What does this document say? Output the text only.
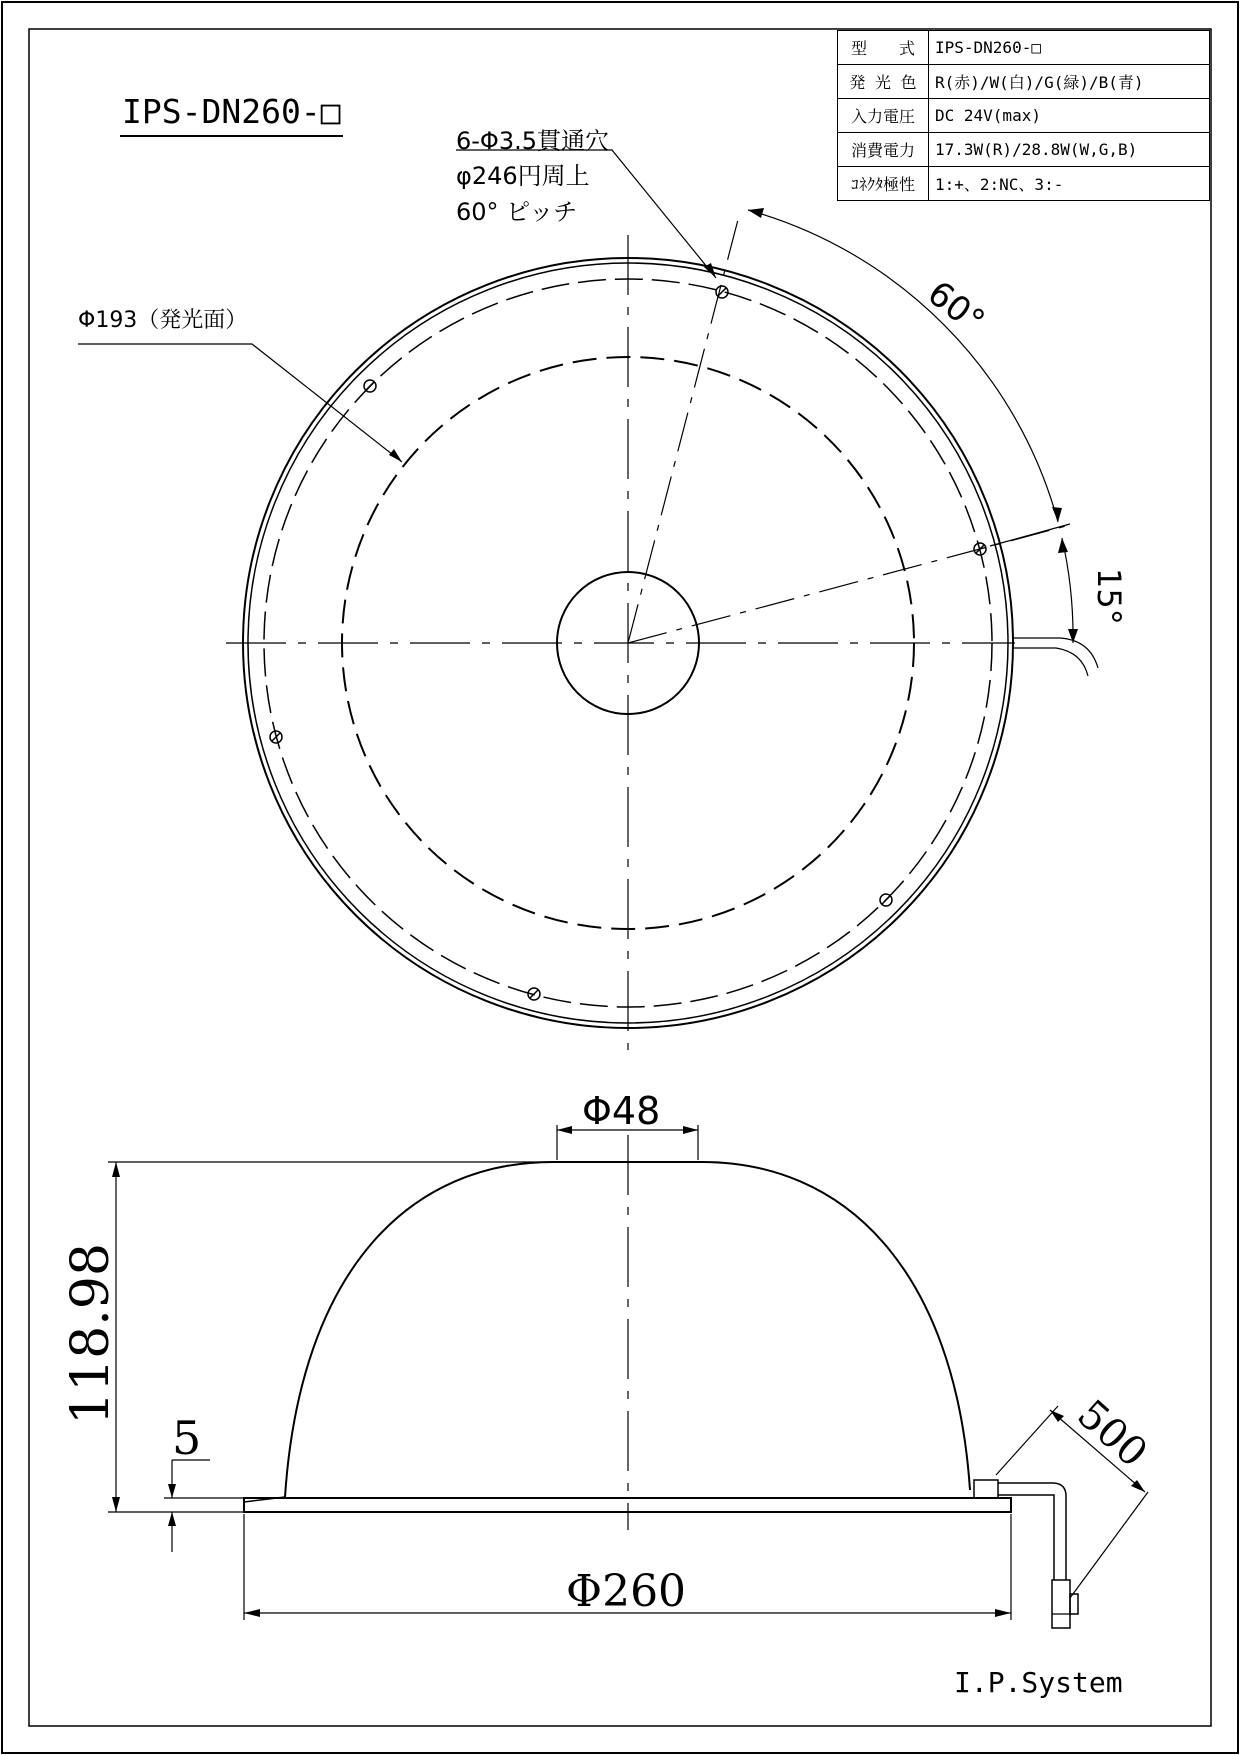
60°
15°
Φ48
118.98
5	500
Φ260
IPS-DN260-□
型　　式	IPS-DN260-□
発 光 色	R(赤)/W(白)/G(緑)/B(青)
入力電圧	DC 24V(max)
消費電力	17.3W(R)/28.8W(W,G,B)
ｺﾈｸﾀ極性	1:+、2:NC、3:-
6-Φ3.5貫通穴
φ246円周上
60° ピッチ
Φ193（発光面）
I.P.System
